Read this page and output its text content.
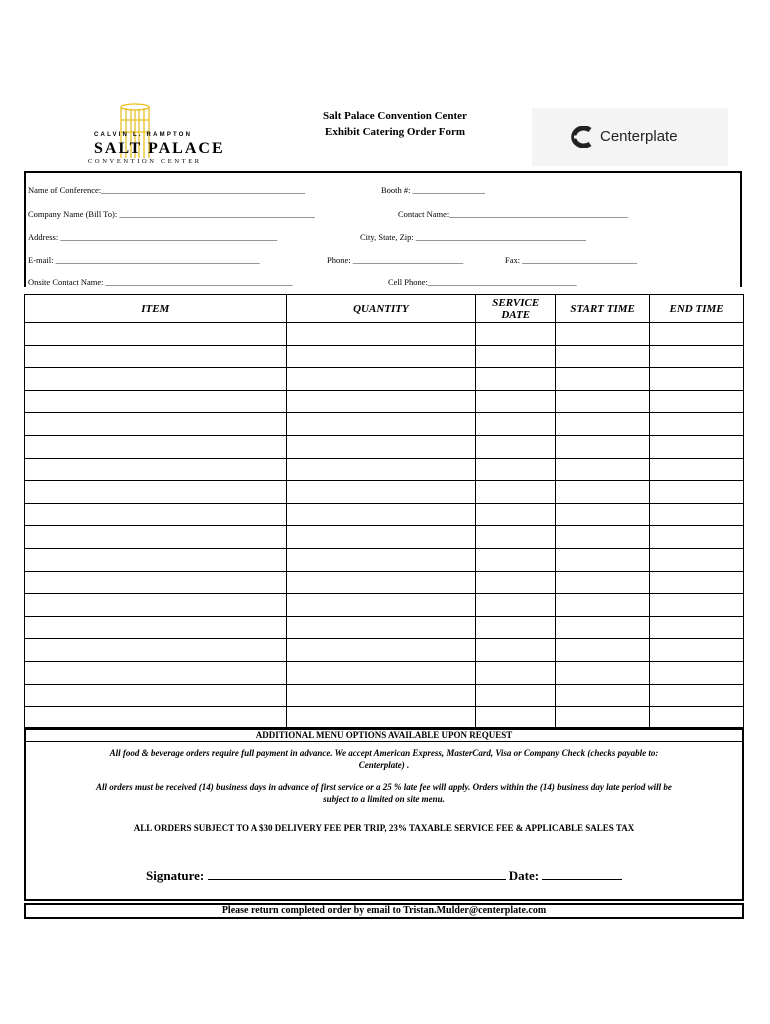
CALVIN L. RAMPTON
SALT PALACE
CONVENTION CENTER
Salt Palace Convention Center
Exhibit Catering Order Form	Centerplate
Name of Conference:________________________________________________	Booth #: _________________
Company Name (Bill To): ______________________________________________	Contact Name:__________________________________________
Address: ___________________________________________________	City, State, Zip: ________________________________________
E-mail: ________________________________________________	Phone: __________________________	Fax: ___________________________
Onsite Contact Name: ____________________________________________	Cell Phone:___________________________________
ITEM	QUANTITY	SERVICE DATE	START TIME	END TIME

ADDITIONAL MENU OPTIONS AVAILABLE UPON REQUEST
All food & beverage orders require full payment in advance. We accept American Express, MasterCard, Visa or Company Check (checks payable to:
Centerplate) .
All orders must be received (14) business days in advance of first service or a 25 % late fee will apply. Orders within the (14) business day late period will be
subject to a limited on site menu.
ALL ORDERS SUBJECT TO A $30 DELIVERY FEE PER TRIP, 23% TAXABLE SERVICE FEE & APPLICABLE SALES TAX
Signature:	Date:
Please return completed order by email to Tristan.Mulder@centerplate.com
